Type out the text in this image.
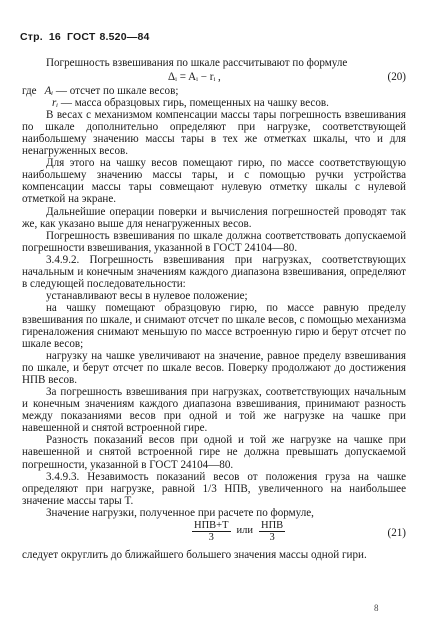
Стр. 16 ГОСТ 8.520—84

Погрешность взвешивания по шкале рассчитывают по формуле

Δᵢ = Aᵢ − rᵢ ,	(20)

где Aᵢ — отсчет по шкале весов;

rᵢ — масса образцовых гирь, помещенных на чашку весов.

В весах с механизмом компенсации массы тары погрешность взвешивания по шкале дополнительно определяют при нагрузке, соответствующей наибольшему значению массы тары в тех же отметках шкалы, что и для ненагруженных весов.

Для этого на чашку весов помещают гирю, по массе соответствующую наибольшему значению массы тары, и с помощью ручки устройства компенсации массы тары совмещают нулевую отметку шкалы с нулевой отметкой на экране.

Дальнейшие операции поверки и вычисления погрешностей проводят так же, как указано выше для ненагруженных весов.

Погрешность взвешивания по шкале должна соответствовать допускаемой погрешности взвешивания, указанной в ГОСТ 24104—80.

3.4.9.2. Погрешность взвешивания при нагрузках, соответствующих начальным и конечным значениям каждого диапазона взвешивания, определяют в следующей последовательности:

устанавливают весы в нулевое положение;

на чашку помещают образцовую гирю, по массе равную пределу взвешивания по шкале, и снимают отсчет по шкале весов, с помощью механизма гиреналожения снимают меньшую по массе встроенную гирю и берут отсчет по шкале весов;

нагрузку на чашке увеличивают на значение, равное пределу взвешивания по шкале, и берут отсчет по шкале весов. Поверку продолжают до достижения НПВ весов.

За погрешность взвешивания при нагрузках, соответствующих начальным и конечным значениям каждого диапазона взвешивания, принимают разность между показаниями весов при одной и той же нагрузке на чашке при навешенной и снятой встроенной гире.

Разность показаний весов при одной и той же нагрузке на чашке при навешенной и снятой встроенной гире не должна превышать допускаемой погрешности, указанной в ГОСТ 24104—80.

3.4.9.3. Незавимость показаний весов от положения груза на чашке определяют при нагрузке, равной 1/3 НПВ, увеличенного на наибольшее значение массы тары T.

Значение нагрузки, полученное при расчете по формуле,

$\frac{\text{НПВ+T}}{3}$ или $\frac{\text{НПВ}}{3}$	(21)

следует округлить до ближайшего большего значения массы одной гири.

8
